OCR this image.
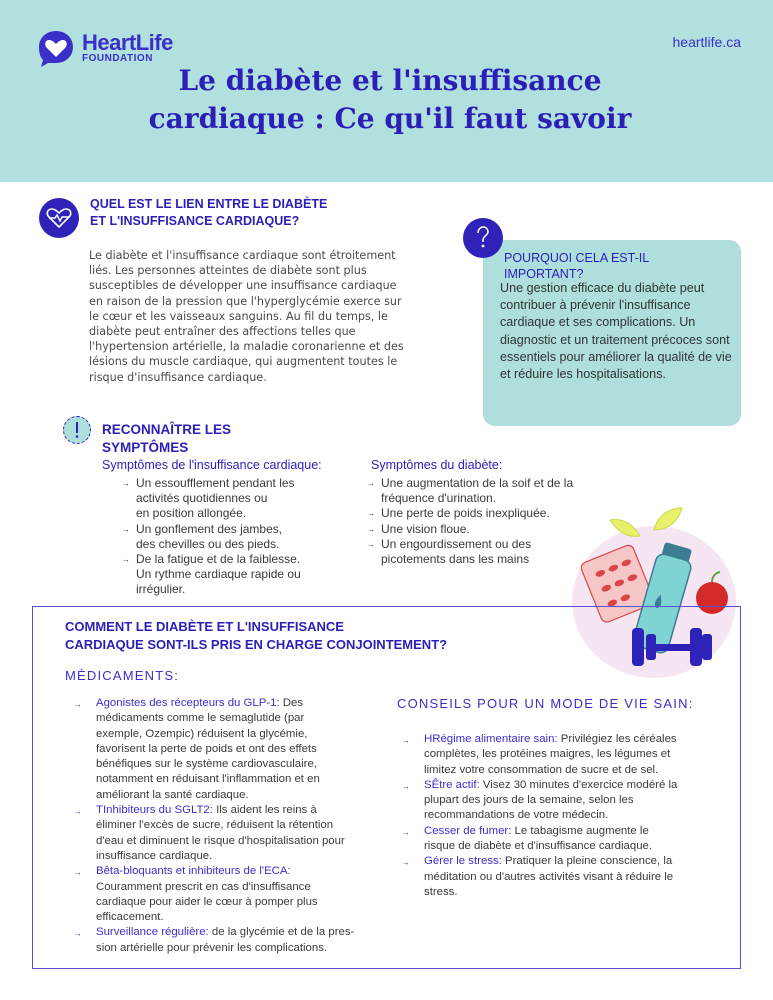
HeartLife
FOUNDATION
heartlife.ca
Le diabète et l'insuffisance
cardiaque : Ce qu'il faut savoir
QUEL EST LE LIEN ENTRE LE DIABÈTE
ET L'INSUFFISANCE CARDIAQUE?

Le diabète et l'insuffisance cardiaque sont étroitement liés. Les personnes atteintes de diabète sont plus susceptibles de développer une insuffisance cardiaque en raison de la pression que l'hyperglycémie exerce sur le cœur et les vaisseaux sanguins. Au fil du temps, le diabète peut entraîner des affections telles que l'hypertension artérielle, la maladie coronarienne et des lésions du muscle cardiaque, qui augmentent toutes le risque d'insuffisance cardiaque.

POURQUOI CELA EST-IL IMPORTANT?

Une gestion efficace du diabète peut contribuer à prévenir l'insuffisance cardiaque et ses complications. Un diagnostic et un traitement précoces sont essentiels pour améliorer la qualité de vie et réduire les hospitalisations.

RECONNAÎTRE LES
SYMPTÔMES
Symptômes de l'insuffisance cardiaque:
→ Un essoufflement pendant les
activités quotidiennes ou
en position allongée.
→ Un gonflement des jambes,
des chevilles ou des pieds.
→ De la fatigue et de la faiblesse.
Un rythme cardiaque rapide ou
irrégulier.
Symptômes du diabète:
→ Une augmentation de la soif et de la
fréquence d'urination.
→ Une perte de poids inexpliquée.
→ Une vision floue.
→ Un engourdissement ou des
picotements dans les mains
COMMENT LE DIABÈTE ET L'INSUFFISANCE
CARDIAQUE SONT-ILS PRIS EN CHARGE CONJOINTEMENT?
MÉDICAMENTS:
→ Agonistes des récepteurs du GLP-1: Des
médicaments comme le semaglutide (par
exemple, Ozempic) réduisent la glycémie,
favorisent la perte de poids et ont des effets
bénéfiques sur le système cardiovasculaire,
notamment en réduisant l'inflammation et en
améliorant la santé cardiaque.
→ TInhibiteurs du SGLT2: Ils aident les reins à
éliminer l'excès de sucre, réduisent la rétention
d'eau et diminuent le risque d'hospitalisation pour
insuffisance cardiaque.
→ Bêta-bloquants et inhibiteurs de l'ECA:
Couramment prescrit en cas d'insuffisance
cardiaque pour aider le cœur à pomper plus
efficacement.
→ Surveillance régulière: de la glycémie et de la pres-
sion artérielle pour prévenir les complications.
CONSEILS POUR UN MODE DE VIE SAIN:
→ HRégime alimentaire sain: Privilégiez les céréales
complètes, les protéines maigres, les légumes et
limitez votre consommation de sucre et de sel.
→ SÊtre actif: Visez 30 minutes d'exercice modéré la
plupart des jours de la semaine, selon les
recommandations de votre médecin.
→ Cesser de fumer: Le tabagisme augmente le
risque de diabète et d'insuffisance cardiaque.
→ Gérer le stress: Pratiquer la pleine conscience, la
méditation ou d'autres activités visant à réduire le
stress.
